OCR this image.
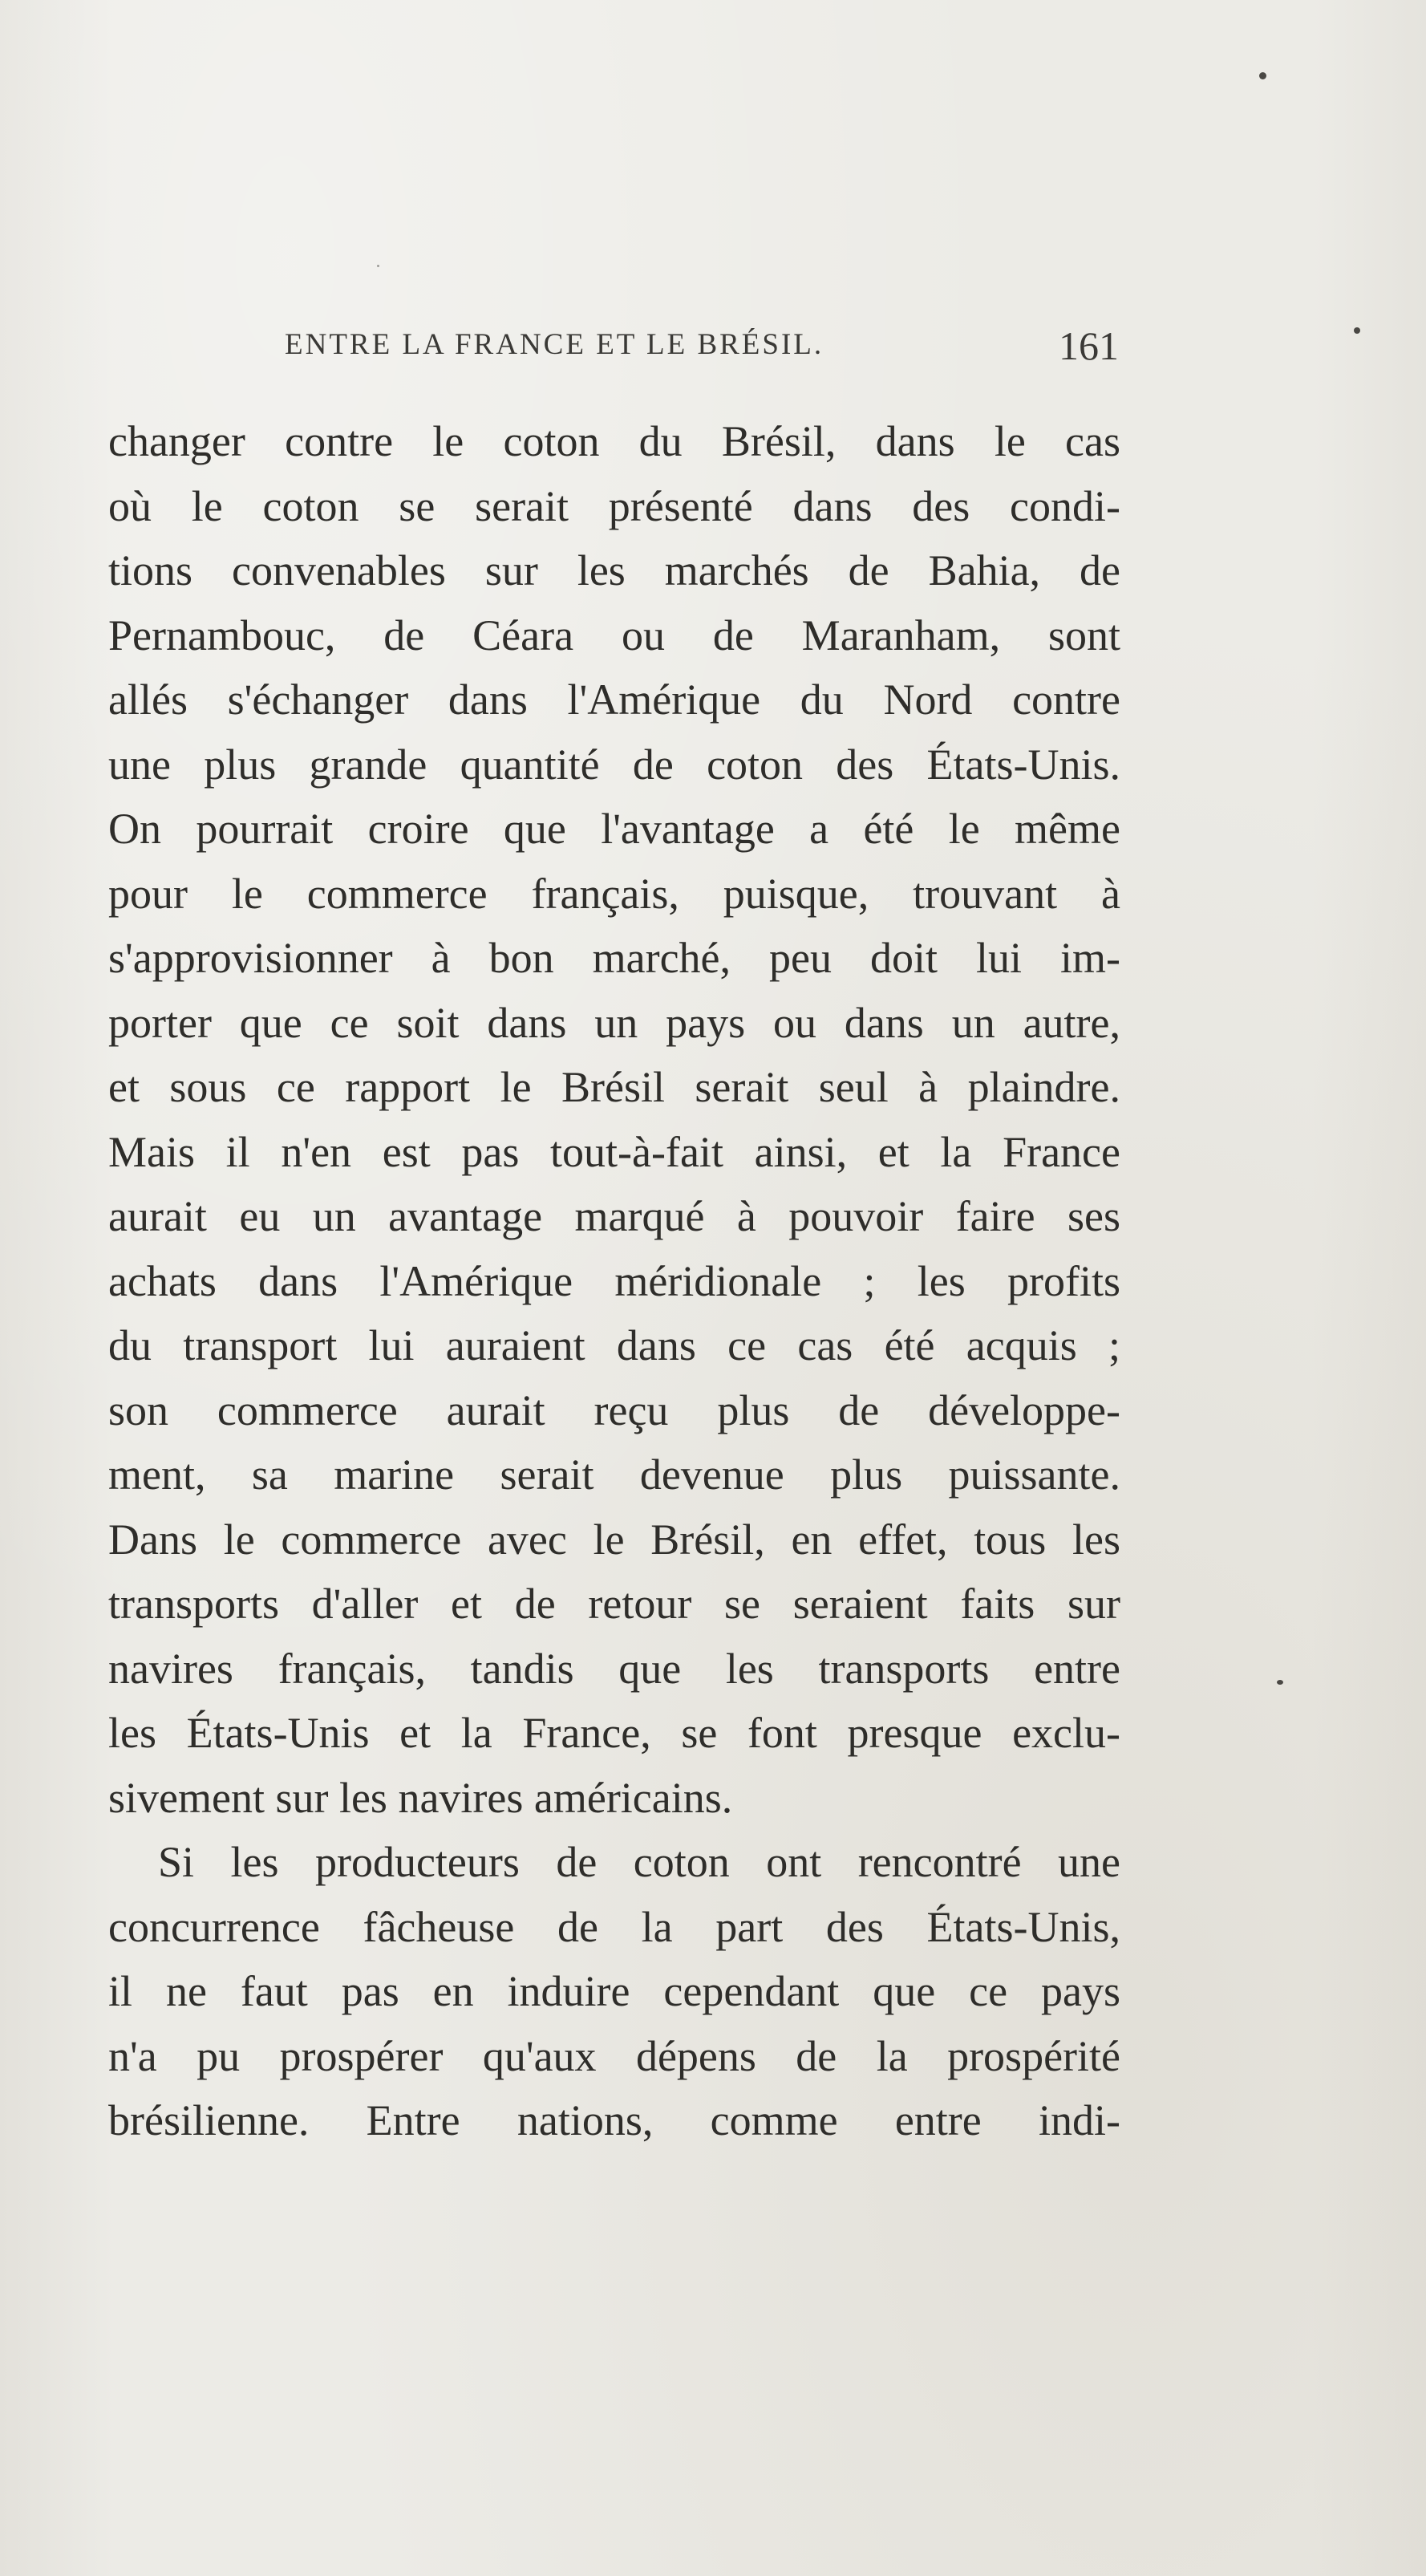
ENTRE LA FRANCE ET LE BRÉSIL.	161
changer contre le coton du Brésil, dans le cas
où le coton se serait présenté dans des condi-
tions convenables sur les marchés de Bahia, de
Pernambouc, de Céara ou de Maranham, sont
allés s'échanger dans l'Amérique du Nord contre
une plus grande quantité de coton des États-Unis.
On pourrait croire que l'avantage a été le même
pour le commerce français, puisque, trouvant à
s'approvisionner à bon marché, peu doit lui im-
porter que ce soit dans un pays ou dans un autre,
et sous ce rapport le Brésil serait seul à plaindre.
Mais il n'en est pas tout-à-fait ainsi, et la France
aurait eu un avantage marqué à pouvoir faire ses
achats dans l'Amérique méridionale ; les profits
du transport lui auraient dans ce cas été acquis ;
son commerce aurait reçu plus de développe-
ment, sa marine serait devenue plus puissante.
Dans le commerce avec le Brésil, en effet, tous les
transports d'aller et de retour se seraient faits sur
navires français, tandis que les transports entre
les États-Unis et la France, se font presque exclu-
sivement sur les navires américains.
Si les producteurs de coton ont rencontré une
concurrence fâcheuse de la part des États-Unis,
il ne faut pas en induire cependant que ce pays
n'a pu prospérer qu'aux dépens de la prospérité
brésilienne. Entre nations, comme entre indi-
